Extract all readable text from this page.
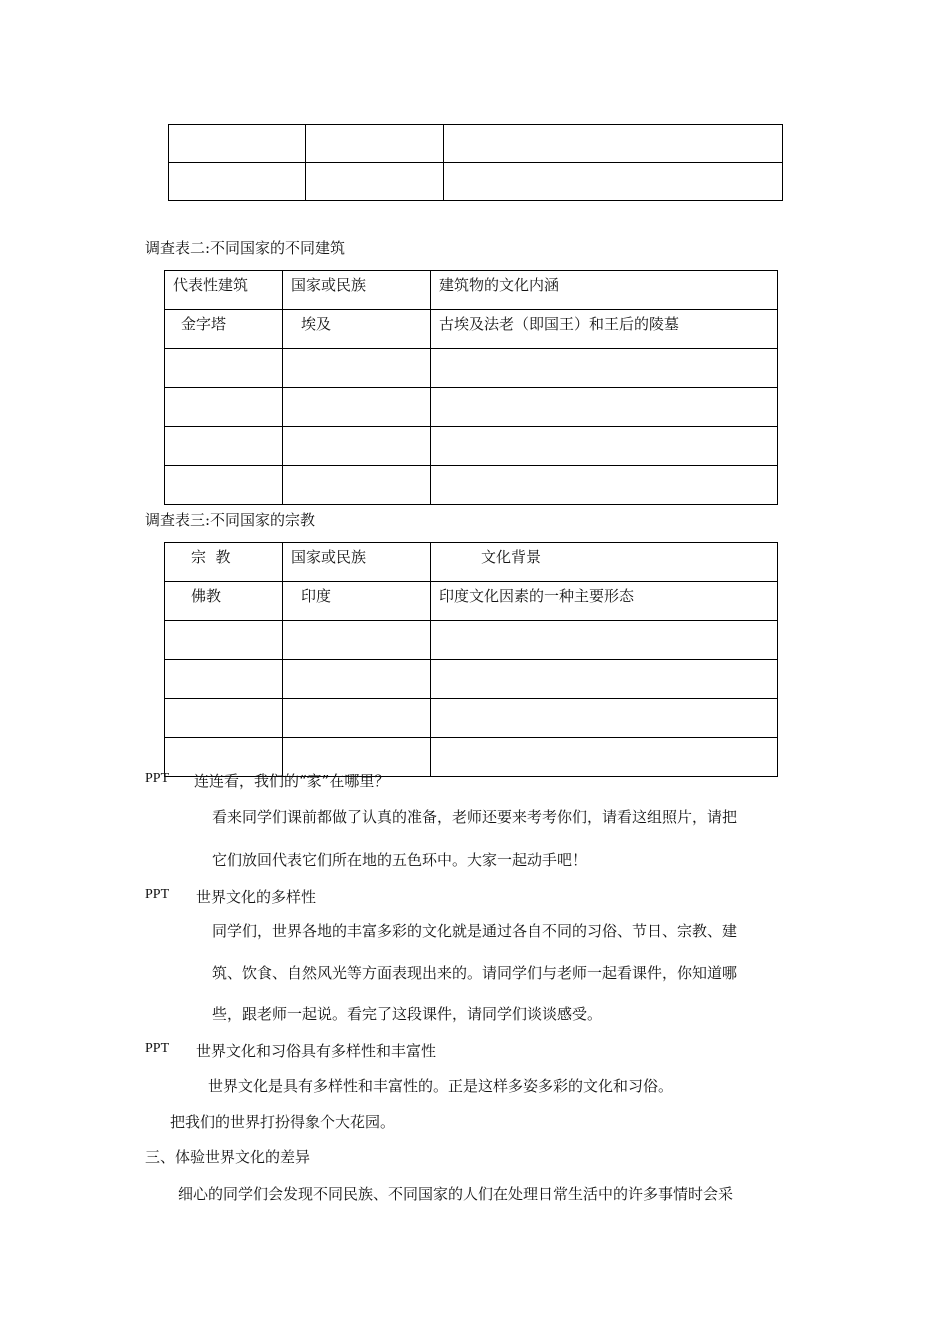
调查表二:不同国家的不同建筑
代表性建筑	国家或民族	建筑物的文化内涵
金字塔	埃及	古埃及法老（即国王）和王后的陵墓

调查表三:不同国家的宗教
宗  教	国家或民族	文化背景
佛教	印度	印度文化因素的一种主要形态

PPT 连连看，我们的“家”在哪里？
看来同学们课前都做了认真的准备，老师还要来考考你们，请看这组照片，请把
它们放回代表它们所在地的五色环中。大家一起动手吧！
PPT 世界文化的多样性
同学们，世界各地的丰富多彩的文化就是通过各自不同的习俗、节日、宗教、建
筑、饮食、自然风光等方面表现出来的。请同学们与老师一起看课件，你知道哪
些，跟老师一起说。看完了这段课件，请同学们谈谈感受。
PPT 世界文化和习俗具有多样性和丰富性
世界文化是具有多样性和丰富性的。正是这样多姿多彩的文化和习俗。
把我们的世界打扮得象个大花园。
三、体验世界文化的差异
细心的同学们会发现不同民族、不同国家的人们在处理日常生活中的许多事情时会采
